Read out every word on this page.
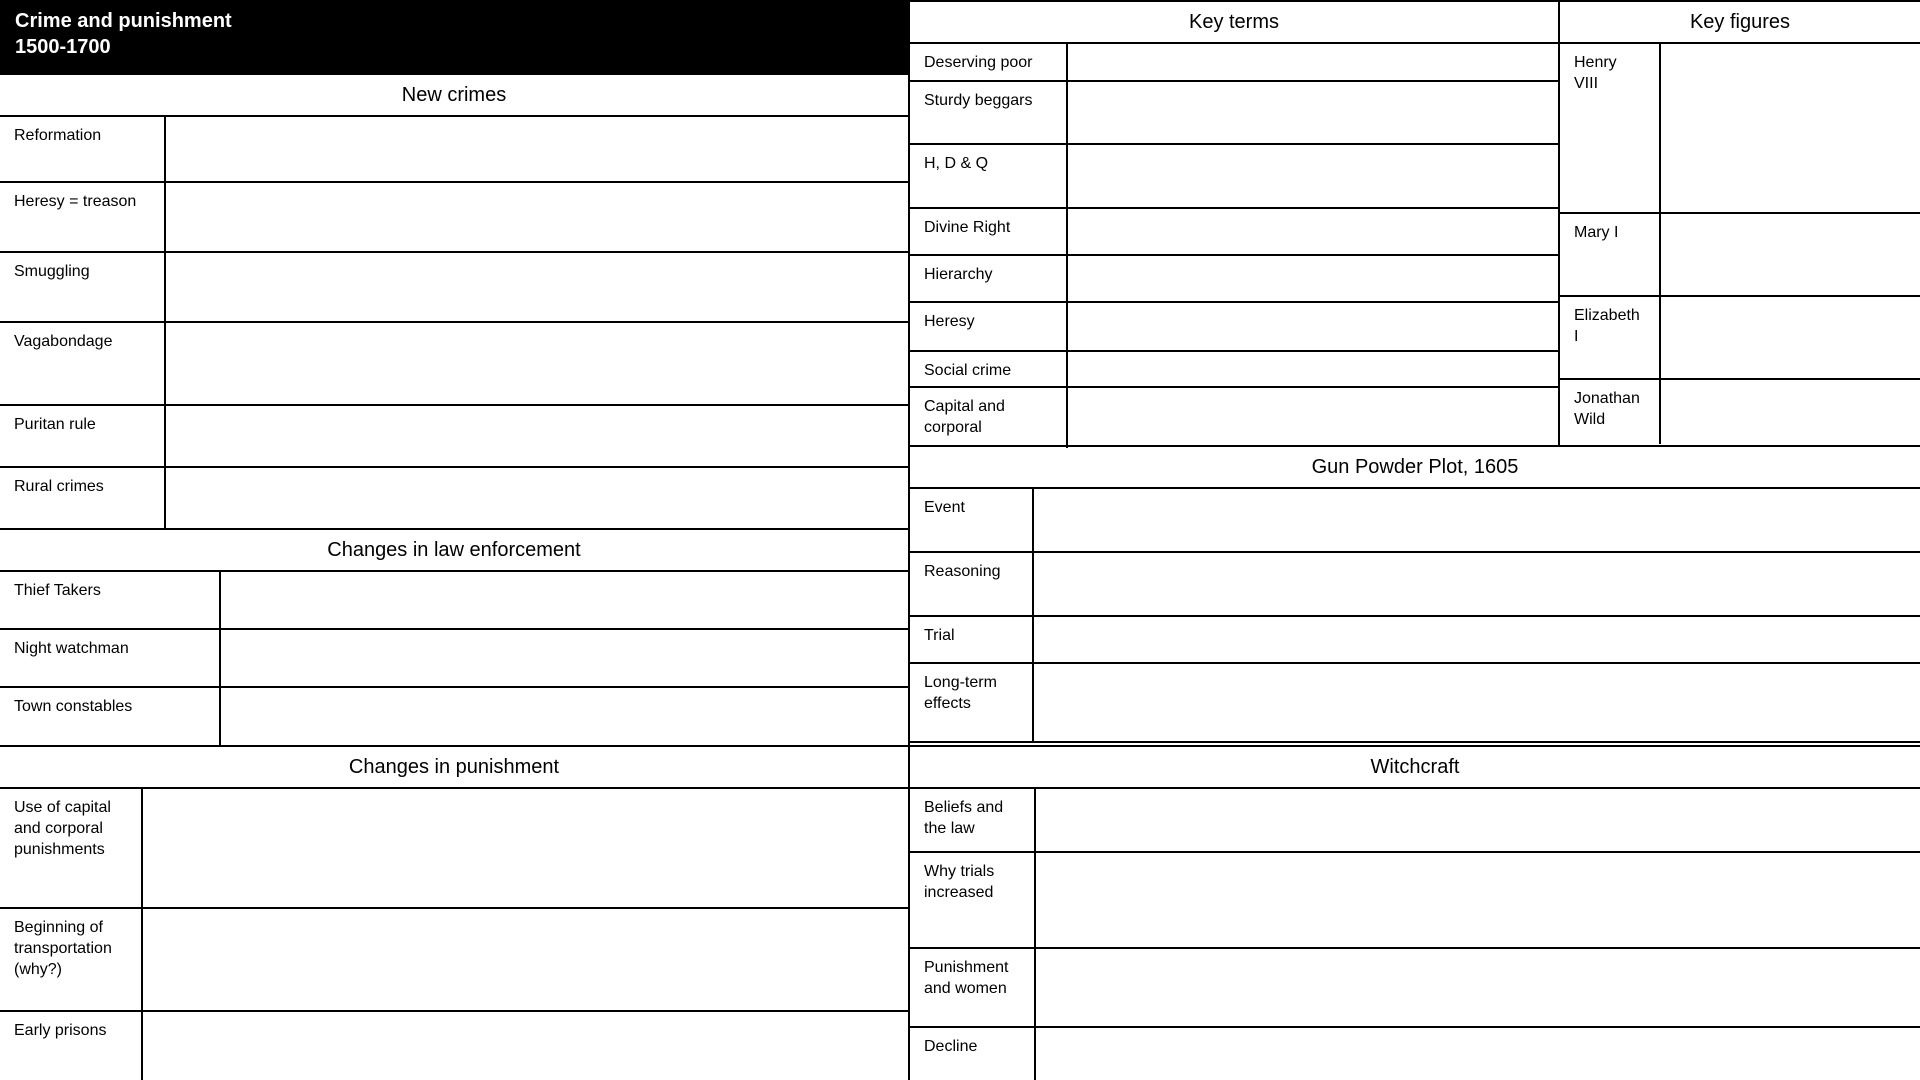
Crime and punishment
1500-1700
New crimes
Reformation
Heresy = treason
Smuggling
Vagabondage
Puritan rule
Rural crimes
Changes in law enforcement
Thief Takers
Night watchman
Town constables
Changes in punishment
Use of capital and corporal punishments
Beginning of transportation (why?)
Early prisons
Key terms
Deserving poor
Sturdy beggars
H, D & Q
Divine Right
Hierarchy
Heresy
Social crime
Capital and corporal
Key figures
Henry VIII
Mary I
Elizabeth I
Jonathan Wild
Gun Powder Plot, 1605
Event
Reasoning
Trial
Long-term effects
Witchcraft
Beliefs and the law
Why trials increased
Punishment and women
Decline
